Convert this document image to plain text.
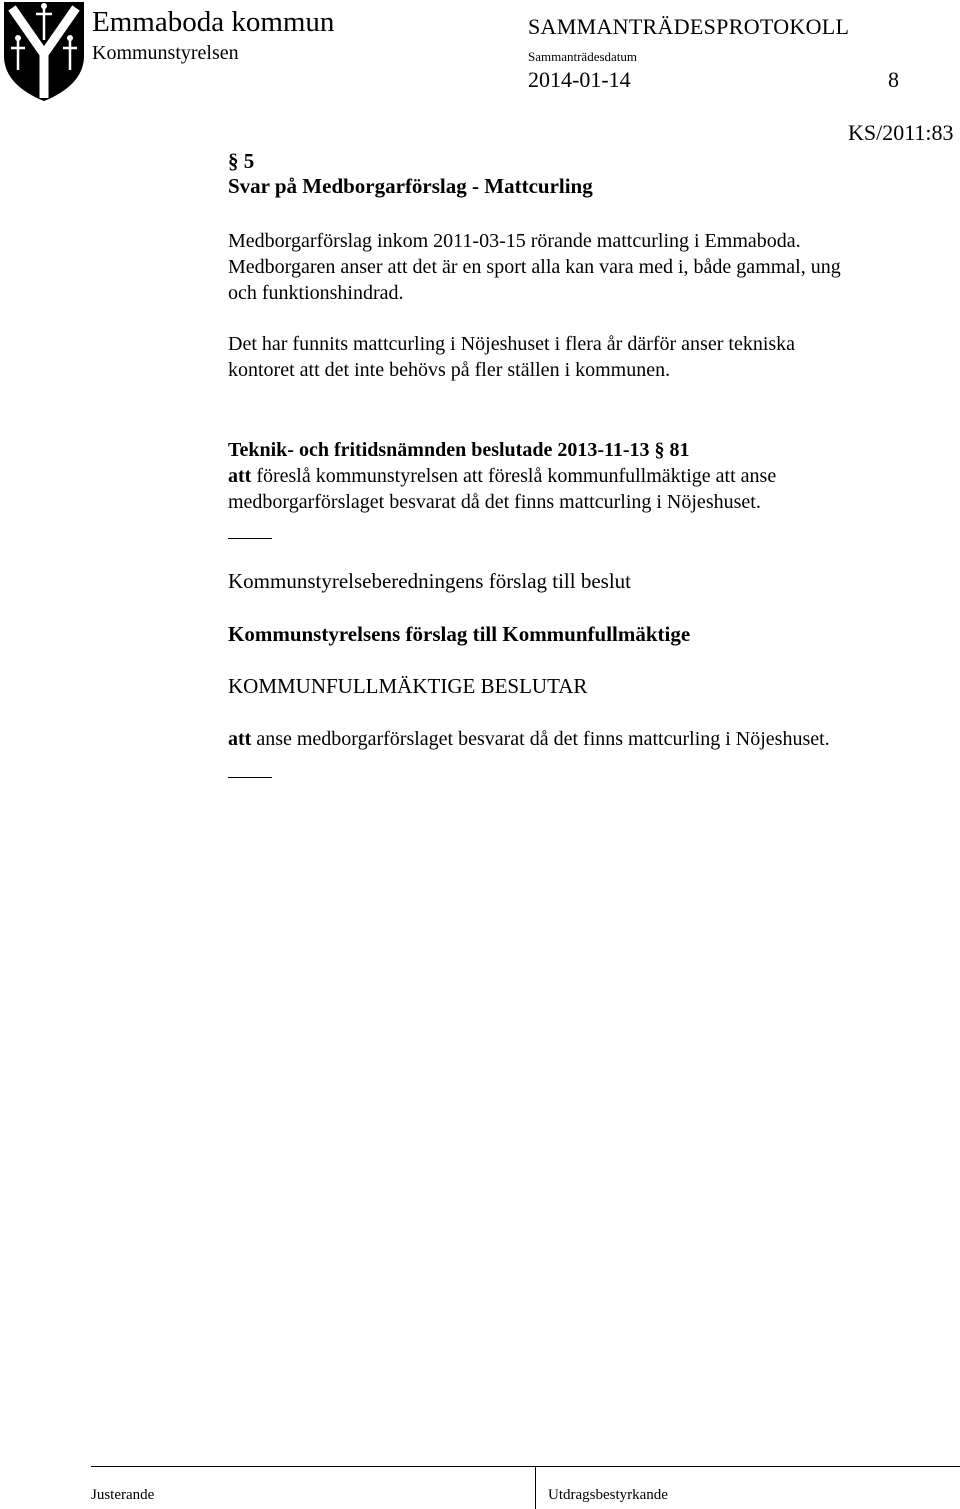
Emmaboda kommun
Kommunstyrelsen
SAMMANTRÄDESPROTOKOLL
Sammanträdesdatum
2014-01-14	8
KS/2011:83
§ 5
Svar på Medborgarförslag - Mattcurling
Medborgarförslag inkom 2011-03-15 rörande mattcurling i Emmaboda.
Medborgaren anser att det är en sport alla kan vara med i, både gammal, ung
och funktionshindrad.
Det har funnits mattcurling i Nöjeshuset i flera år därför anser tekniska
kontoret att det inte behövs på fler ställen i kommunen.
Teknik- och fritidsnämnden beslutade 2013-11-13 § 81
att föreslå kommunstyrelsen att föreslå kommunfullmäktige att anse
medborgarförslaget besvarat då det finns mattcurling i Nöjeshuset.
Kommunstyrelseberedningens förslag till beslut
Kommunstyrelsens förslag till Kommunfullmäktige
KOMMUNFULLMÄKTIGE BESLUTAR
att anse medborgarförslaget besvarat då det finns mattcurling i Nöjeshuset.
Justerande	Utdragsbestyrkande
